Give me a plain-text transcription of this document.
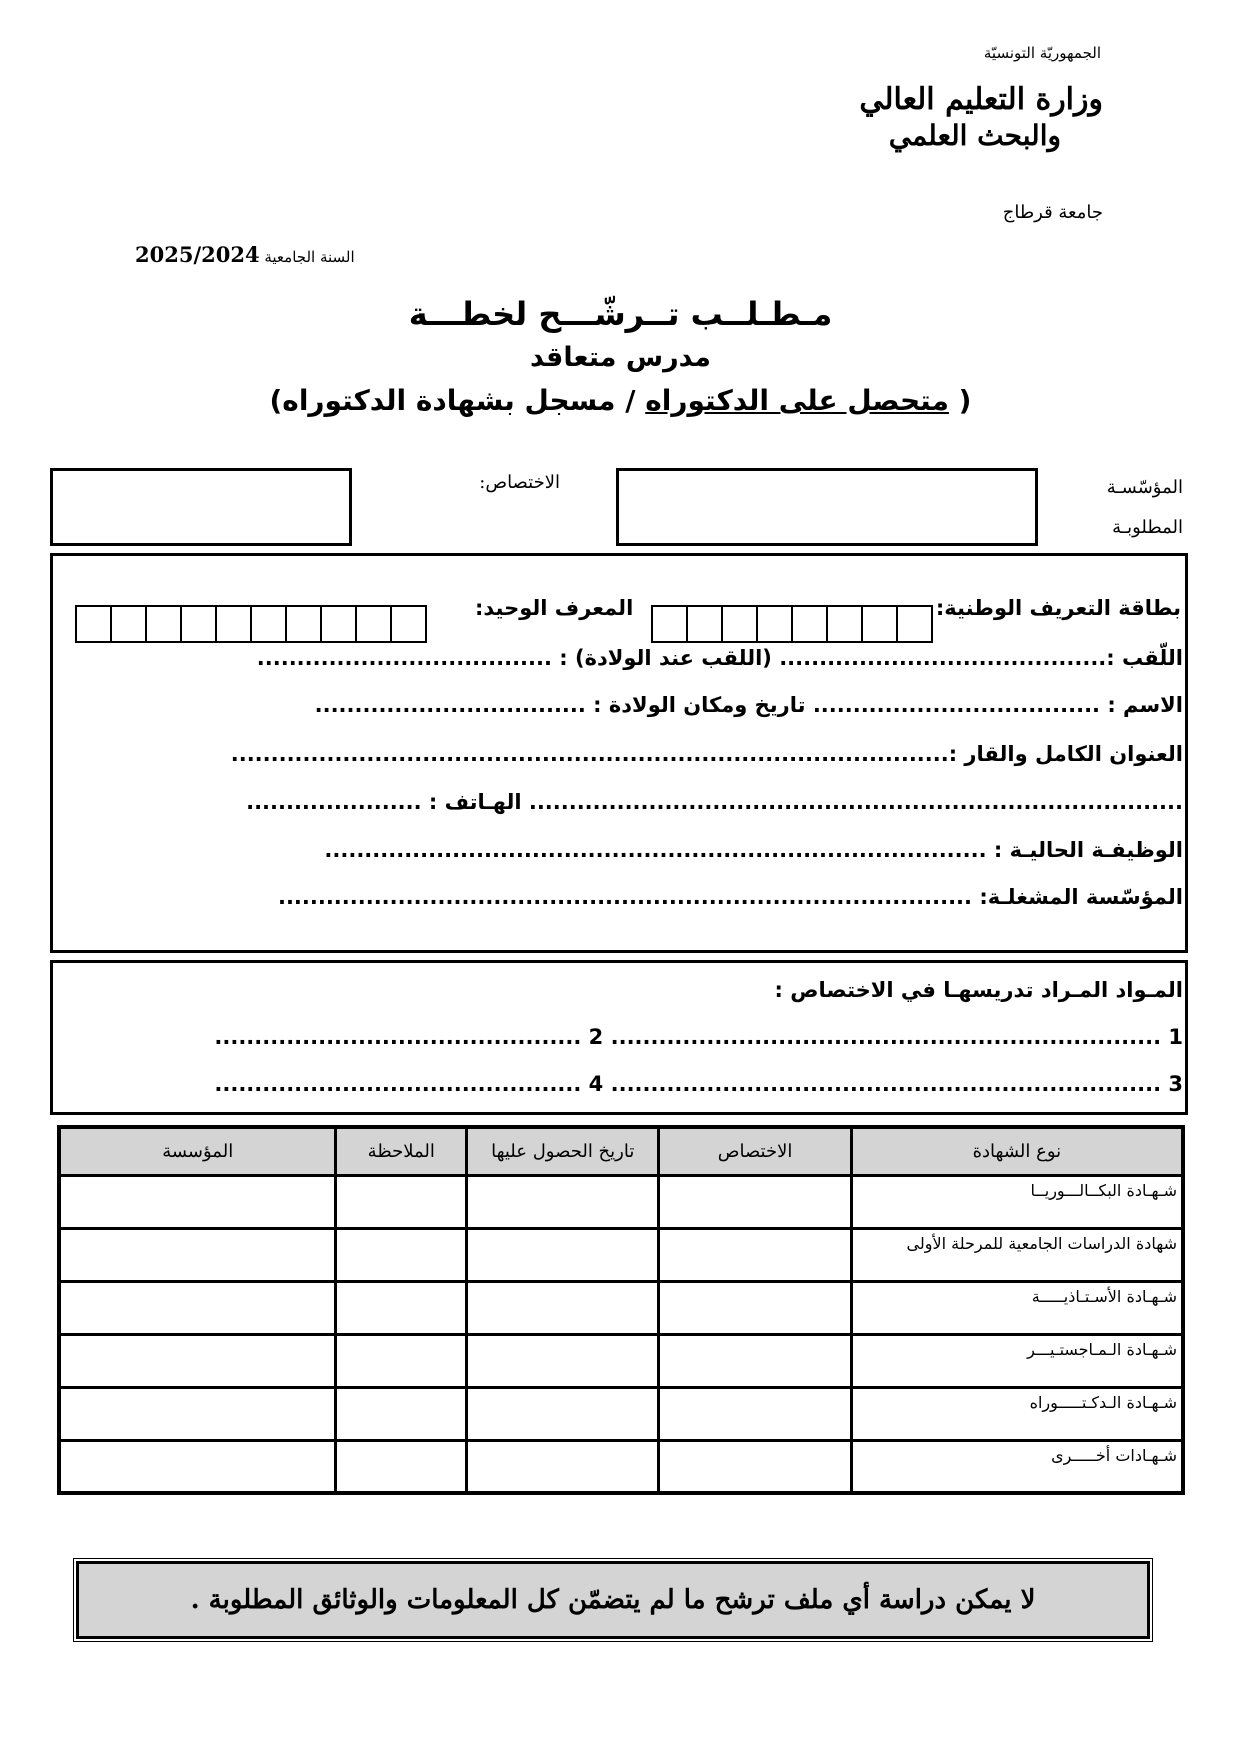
الجمهوريّة التونسيّة
وزارة التعليم العالي
والبحث العلمي
جامعة قرطاج
السنة الجامعية 2025/2024
مـطـلــب تــرشّـــح لخطـــة
مدرس متعاقد
( متحصل على الدكتوراه / مسجل بشهادة الدكتوراه)
المؤسّسـة
المطلوبـة
الاختصاص:
بطاقة التعريف الوطنية:
المعرف الوحيد:
اللّقب :......................................... (اللقب عند الولادة) : .....................................
الاسم : .................................... تاريخ ومكان الولادة : ..................................
العنوان الكامل والقار :..........................................................................................
.................................................................................. الهـاتف : ......................
الوظيفـة الحاليـة : ...................................................................................
المؤسّسة المشغلـة: .......................................................................................
المـواد المـراد تدريسهـا في الاختصاص :
1 ..................................................................... 2 ..............................................
3 ..................................................................... 4 ..............................................
نوع الشهادة	الاختصاص	تاريخ الحصول عليها	الملاحظة	المؤسسة
شـهـادة البكــالـــوريــا				
شهادة الدراسات الجامعية للمرحلة الأولى				
شـهـادة الأسـتـاذيـــــة				
شـهـادة الـمـاجستـيـــر				
شـهـادة الـدكـتـــــوراه				
شـهـادات أخـــــرى				
لا يمكن دراسة أي ملف ترشح ما لم يتضمّن كل المعلومات والوثائق المطلوبة .
